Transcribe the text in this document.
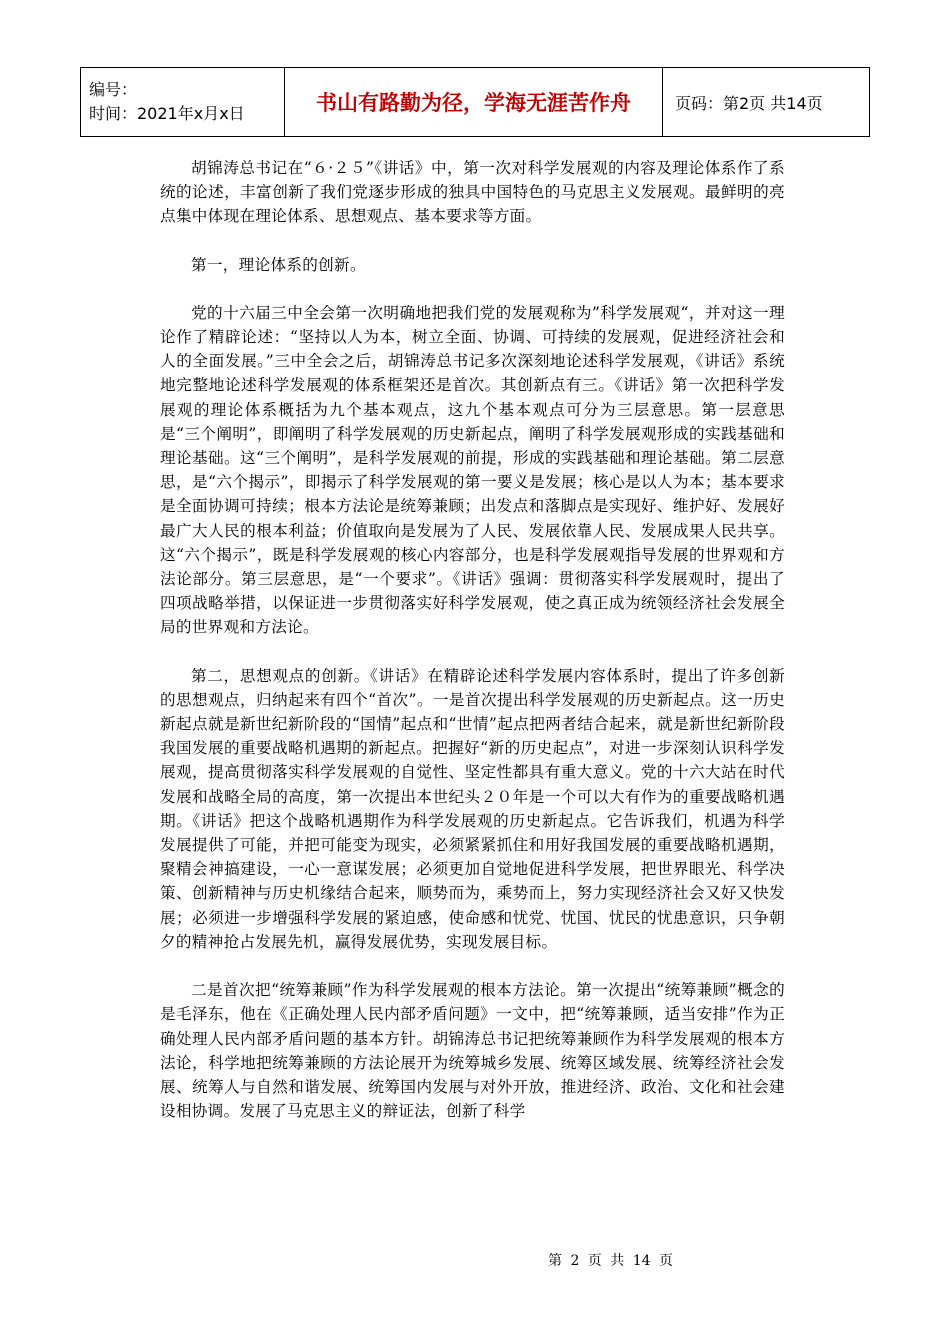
编号：
时间：2021年x月x日	书山有路勤为径，学海无涯苦作舟	页码：第2页 共14页

胡锦涛总书记在“６·２５”《讲话》中，第一次对科学发展观的内容及理论体系作了系统的论述，丰富创新了我们党逐步形成的独具中国特色的马克思主义发展观。最鲜明的亮点集中体现在理论体系、思想观点、基本要求等方面。

第一，理论体系的创新。

党的十六届三中全会第一次明确地把我们党的发展观称为”科学发展观“，并对这一理论作了精辟论述：“坚持以人为本，树立全面、协调、可持续的发展观，促进经济社会和人的全面发展。”三中全会之后，胡锦涛总书记多次深刻地论述科学发展观，《讲话》系统地完整地论述科学发展观的体系框架还是首次。其创新点有三。《讲话》第一次把科学发展观的理论体系概括为九个基本观点，这九个基本观点可分为三层意思。第一层意思是“三个阐明”，即阐明了科学发展观的历史新起点，阐明了科学发展观形成的实践基础和理论基础。这“三个阐明”，是科学发展观的前提，形成的实践基础和理论基础。第二层意思，是“六个揭示”，即揭示了科学发展观的第一要义是发展；核心是以人为本；基本要求是全面协调可持续；根本方法论是统筹兼顾；出发点和落脚点是实现好、维护好、发展好最广大人民的根本利益；价值取向是发展为了人民、发展依靠人民、发展成果人民共享。这“六个揭示”，既是科学发展观的核心内容部分，也是科学发展观指导发展的世界观和方法论部分。第三层意思，是“一个要求”。《讲话》强调：贯彻落实科学发展观时，提出了四项战略举措，以保证进一步贯彻落实好科学发展观，使之真正成为统领经济社会发展全局的世界观和方法论。

第二，思想观点的创新。《讲话》在精辟论述科学发展内容体系时，提出了许多创新的思想观点，归纳起来有四个“首次”。一是首次提出科学发展观的历史新起点。这一历史新起点就是新世纪新阶段的“国情”起点和“世情”起点把两者结合起来，就是新世纪新阶段我国发展的重要战略机遇期的新起点。把握好“新的历史起点”，对进一步深刻认识科学发展观，提高贯彻落实科学发展观的自觉性、坚定性都具有重大意义。党的十六大站在时代发展和战略全局的高度，第一次提出本世纪头２０年是一个可以大有作为的重要战略机遇期。《讲话》把这个战略机遇期作为科学发展观的历史新起点。它告诉我们，机遇为科学发展提供了可能，并把可能变为现实，必须紧紧抓住和用好我国发展的重要战略机遇期，聚精会神搞建设，一心一意谋发展；必须更加自觉地促进科学发展，把世界眼光、科学决策、创新精神与历史机缘结合起来，顺势而为，乘势而上，努力实现经济社会又好又快发展；必须进一步增强科学发展的紧迫感，使命感和忧党、忧国、忧民的忧患意识，只争朝夕的精神抢占发展先机，赢得发展优势，实现发展目标。

二是首次把“统筹兼顾”作为科学发展观的根本方法论。第一次提出“统筹兼顾”概念的是毛泽东，他在《正确处理人民内部矛盾问题》一文中，把“统筹兼顾，适当安排”作为正确处理人民内部矛盾问题的基本方针。胡锦涛总书记把统筹兼顾作为科学发展观的根本方法论，科学地把统筹兼顾的方法论展开为统筹城乡发展、统筹区域发展、统筹经济社会发展、统筹人与自然和谐发展、统筹国内发展与对外开放，推进经济、政治、文化和社会建设相协调。发展了马克思主义的辩证法，创新了科学

第 2 页 共 14 页
